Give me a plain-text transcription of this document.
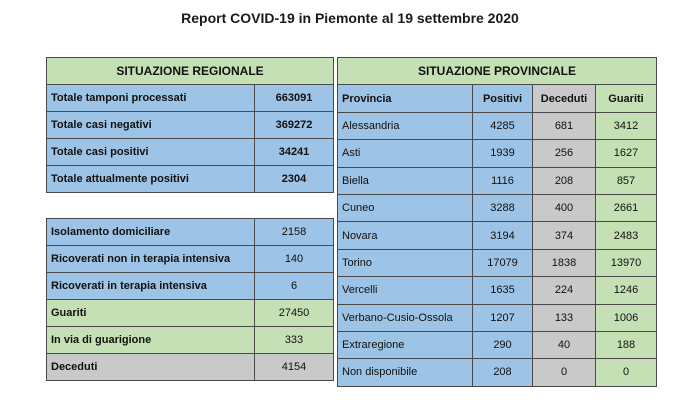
Report COVID-19 in Piemonte al 19 settembre 2020
SITUAZIONE REGIONALE	
Totale tamponi processati	663091
Totale casi negativi	369272
Totale casi positivi	34241
Totale attualmente positivi	2304
Isolamento domiciliare	2158
Ricoverati non in terapia intensiva	140
Ricoverati in terapia intensiva	6
Guariti	27450
In via di guarigione	333
Deceduti	4154
SITUAZIONE PROVINCIALE			
Provincia	Positivi	Deceduti	Guariti
Alessandria	4285	681	3412
Asti	1939	256	1627
Biella	1116	208	857
Cuneo	3288	400	2661
Novara	3194	374	2483
Torino	17079	1838	13970
Vercelli	1635	224	1246
Verbano-Cusio-Ossola	1207	133	1006
Extraregione	290	40	188
Non disponibile	208	0	0
